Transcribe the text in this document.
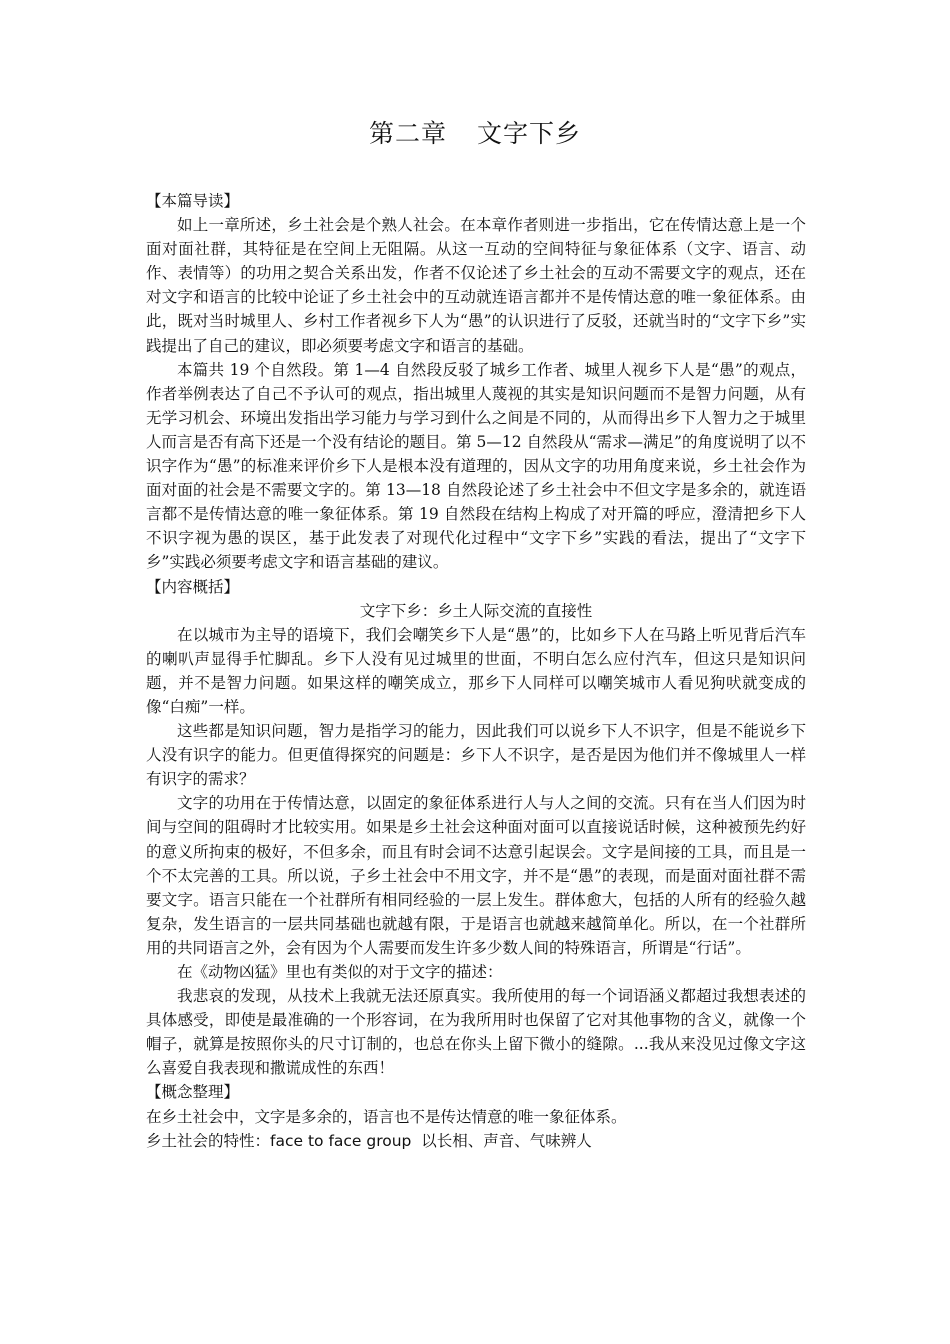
第二章 文字下乡

【本篇导读】

如上一章所述，乡土社会是个熟人社会。在本章作者则进一步指出，它在传情达意上是一个面对面社群，其特征是在空间上无阻隔。从这一互动的空间特征与象征体系（文字、语言、动作、表情等）的功用之契合关系出发，作者不仅论述了乡土社会的互动不需要文字的观点，还在对文字和语言的比较中论证了乡土社会中的互动就连语言都并不是传情达意的唯一象征体系。由此，既对当时城里人、乡村工作者视乡下人为“愚”的认识进行了反驳，还就当时的“文字下乡”实践提出了自己的建议，即必须要考虑文字和语言的基础。

本篇共 19 个自然段。第 1—4 自然段反驳了城乡工作者、城里人视乡下人是“愚”的观点，作者举例表达了自己不予认可的观点，指出城里人蔑视的其实是知识问题而不是智力问题，从有无学习机会、环境出发指出学习能力与学习到什么之间是不同的，从而得出乡下人智力之于城里人而言是否有高下还是一个没有结论的题目。第 5—12 自然段从“需求—满足”的角度说明了以不识字作为“愚”的标准来评价乡下人是根本没有道理的，因从文字的功用角度来说，乡土社会作为面对面的社会是不需要文字的。第 13—18 自然段论述了乡土社会中不但文字是多余的，就连语言都不是传情达意的唯一象征体系。第 19 自然段在结构上构成了对开篇的呼应，澄清把乡下人不识字视为愚的误区，基于此发表了对现代化过程中“文字下乡”实践的看法，提出了“文字下乡”实践必须要考虑文字和语言基础的建议。

【内容概括】

文字下乡：乡土人际交流的直接性

在以城市为主导的语境下，我们会嘲笑乡下人是“愚”的，比如乡下人在马路上听见背后汽车的喇叭声显得手忙脚乱。乡下人没有见过城里的世面，不明白怎么应付汽车，但这只是知识问题，并不是智力问题。如果这样的嘲笑成立，那乡下人同样可以嘲笑城市人看见狗吠就变成的像“白痴”一样。

这些都是知识问题，智力是指学习的能力，因此我们可以说乡下人不识字，但是不能说乡下人没有识字的能力。但更值得探究的问题是：乡下人不识字，是否是因为他们并不像城里人一样有识字的需求？

文字的功用在于传情达意，以固定的象征体系进行人与人之间的交流。只有在当人们因为时间与空间的阻碍时才比较实用。如果是乡土社会这种面对面可以直接说话时候，这种被预先约好的意义所拘束的极好，不但多余，而且有时会词不达意引起误会。文字是间接的工具，而且是一个不太完善的工具。所以说，子乡土社会中不用文字，并不是“愚”的表现，而是面对面社群不需要文字。语言只能在一个社群所有相同经验的一层上发生。群体愈大，包括的人所有的经验久越复杂，发生语言的一层共同基础也就越有限，于是语言也就越来越简单化。所以，在一个社群所用的共同语言之外，会有因为个人需要而发生许多少数人间的特殊语言，所谓是“行话”。

在《动物凶猛》里也有类似的对于文字的描述：

我悲哀的发现，从技术上我就无法还原真实。我所使用的每一个词语涵义都超过我想表述的具体感受，即使是最准确的一个形容词，在为我所用时也保留了它对其他事物的含义，就像一个帽子，就算是按照你头的尺寸订制的，也总在你头上留下微小的缝隙。...我从来没见过像文字这么喜爱自我表现和撒谎成性的东西！

【概念整理】

在乡土社会中，文字是多余的，语言也不是传达情意的唯一象征体系。

乡土社会的特性：face to face group 以长相、声音、气味辨人
